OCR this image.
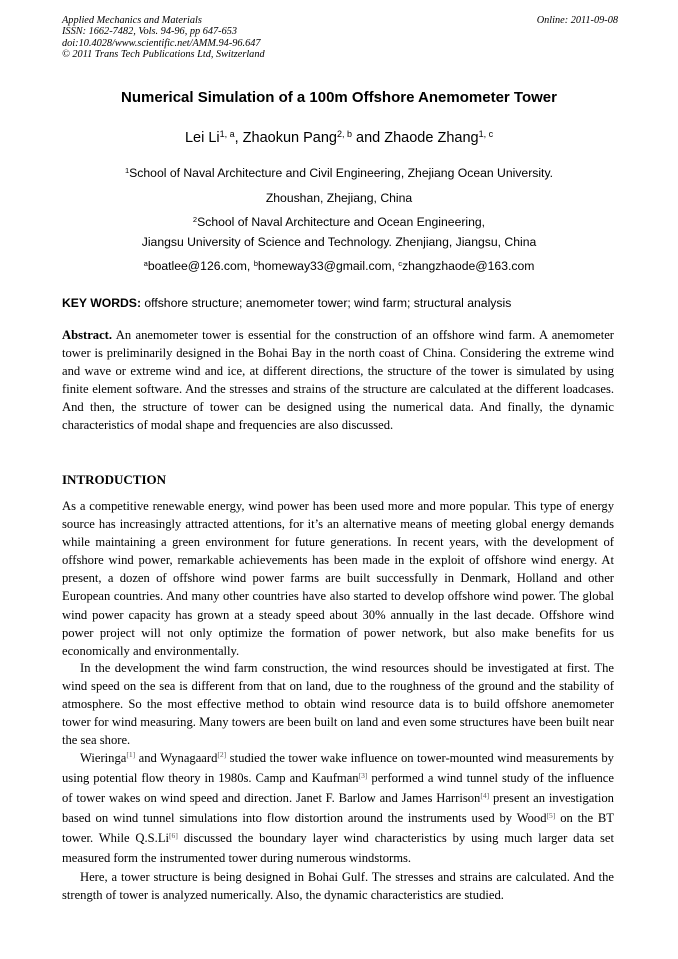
Applied Mechanics and Materials
ISSN: 1662-7482, Vols. 94-96, pp 647-653
doi:10.4028/www.scientific.net/AMM.94-96.647
© 2011 Trans Tech Publications Ltd, Switzerland
Online: 2011-09-08
Numerical Simulation of a 100m Offshore Anemometer Tower
Lei Li$^{1, a}$, Zhaokun Pang$^{2, b}$ and Zhaode Zhang$^{1, c}$
$^1$School of Naval Architecture and Civil Engineering, Zhejiang Ocean University.
Zhoushan, Zhejiang, China
$^2$School of Naval Architecture and Ocean Engineering,
Jiangsu University of Science and Technology. Zhenjiang, Jiangsu, China
$^a$boatlee@126.com, $^b$homeway33@gmail.com, $^c$zhangzhaode@163.com
KEY WORDS: offshore structure; anemometer tower; wind farm; structural analysis
Abstract. An anemometer tower is essential for the construction of an offshore wind farm. A anemometer tower is preliminarily designed in the Bohai Bay in the north coast of China. Considering the extreme wind and wave or extreme wind and ice, at different directions, the structure of the tower is simulated by using finite element software. And the stresses and strains of the structure are calculated at the different loadcases. And then, the structure of tower can be designed using the numerical data. And finally, the dynamic characteristics of modal shape and frequencies are also discussed.
INTRODUCTION
As a competitive renewable energy, wind power has been used more and more popular. This type of energy source has increasingly attracted attentions, for it’s an alternative means of meeting global energy demands while maintaining a green environment for future generations. In recent years, with the development of offshore wind power, remarkable achievements has been made in the exploit of offshore wind energy. At present, a dozen of offshore wind power farms are built successfully in Denmark, Holland and other European countries. And many other countries have also started to develop offshore wind power. The global wind power capacity has grown at a steady speed about 30% annually in the last decade. Offshore wind power project will not only optimize the formation of power network, but also make benefits for us economically and environmentally.
In the development the wind farm construction, the wind resources should be investigated at first. The wind speed on the sea is different from that on land, due to the roughness of the ground and the stability of atmosphere. So the most effective method to obtain wind resource data is to build offshore anemometer tower for wind measuring. Many towers are been built on land and even some structures have been built near the sea shore.
Wieringa[1] and Wynagaard[2] studied the tower wake influence on tower-mounted wind measurements by using potential flow theory in 1980s. Camp and Kaufman[3] performed a wind tunnel study of the influence of tower wakes on wind speed and direction. Janet F. Barlow and James Harrison[4] present an investigation based on wind tunnel simulations into flow distortion around the instruments used by Wood[5] on the BT tower. While Q.S.Li[6] discussed the boundary layer wind characteristics by using much larger data set measured form the instrumented tower during numerous windstorms.
Here, a tower structure is being designed in Bohai Gulf. The stresses and strains are calculated. And the strength of tower is analyzed numerically. Also, the dynamic characteristics are studied.
